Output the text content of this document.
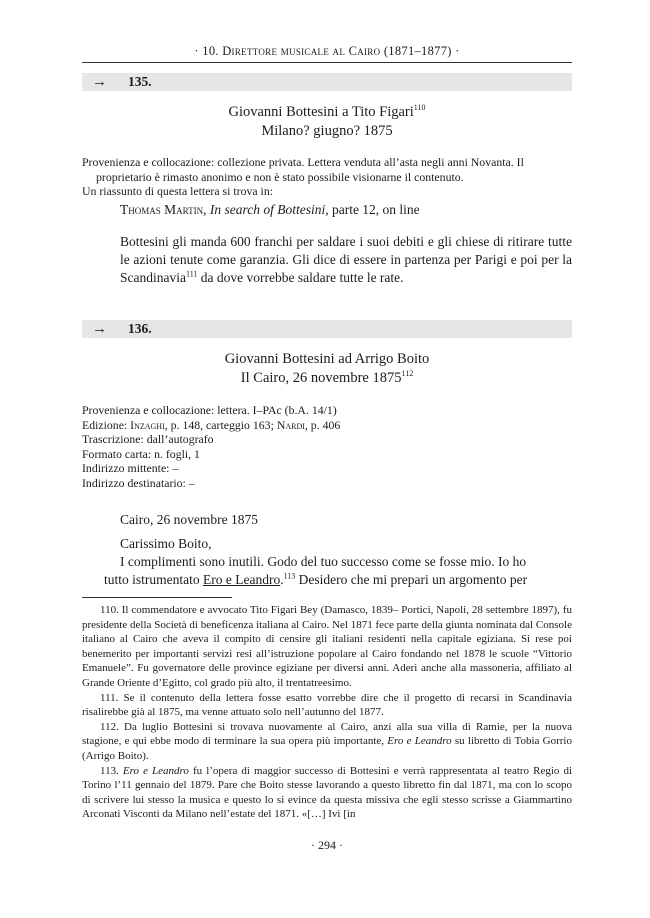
· 10. Direttore musicale al Cairo (1871–1877) ·
→	135.
Giovanni Bottesini a Tito Figari$^{110}$
Milano? giugno? 1875
Provenienza e collocazione: collezione privata. Lettera venduta all’asta negli anni Novanta. Il proprietario è rimasto anonimo e non è stato possibile visionarne il contenuto.
Un riassunto di questa lettera si trova in:
Thomas Martin, In search of Bottesini, parte 12, on line
Bottesini gli manda 600 franchi per saldare i suoi debiti e gli chiese di ritirare tutte le azioni tenute come garanzia. Gli dice di essere in partenza per Parigi e poi per la Scandinavia$^{111}$ da dove vorrebbe saldare tutte le rate.
→	136.
Giovanni Bottesini ad Arrigo Boito
Il Cairo, 26 novembre 1875$^{112}$
Provenienza e collocazione: lettera. I–PAc (b.A. 14/1)
Edizione: Inzaghi, p. 148, carteggio 163; Nardi, p. 406
Trascrizione: dall’autografo
Formato carta: n. fogli, 1
Indirizzo mittente: –
Indirizzo destinatario: –
Cairo, 26 novembre 1875
Carissimo Boito,
I complimenti sono inutili. Godo del tuo successo come se fosse mio. Io ho
tutto istrumentato Ero e Leandro.$^{113}$ Desidero che mi prepari un argomento per

110. Il commendatore e avvocato Tito Figari Bey (Damasco, 1839– Portici, Napoli, 28 settembre 1897), fu presidente della Società di beneficenza italiana al Cairo. Nel 1871 fece parte della giunta nominata dal Console italiano al Cairo che aveva il compito di censire gli italiani residenti nella capitale egiziana. Si rese poi benemerito per importanti servizi resi all’istruzione popolare al Cairo fondando nel 1878 le scuole “Vittorio Emanuele”. Fu governatore delle province egiziane per diversi anni. Aderì anche alla massoneria, affiliato al Grande Oriente d’Egitto, col grado più alto, il trentatreesimo.

111. Se il contenuto della lettera fosse esatto vorrebbe dire che il progetto di recarsi in Scandinavia risalirebbe già al 1875, ma venne attuato solo nell’autunno del 1877.

112. Da luglio Bottesini si trovava nuovamente al Cairo, anzi alla sua villa di Ramie, per la nuova stagione, e qui ebbe modo di terminare la sua opera più importante, Ero e Leandro su libretto di Tobia Gorrio (Arrigo Boito).

113. Ero e Leandro fu l’opera di maggior successo di Bottesini e verrà rappresentata al teatro Regio di Torino l’11 gennaio del 1879. Pare che Boito stesse lavorando a questo libretto fin dal 1871, ma con lo scopo di scrivere lui stesso la musica e questo lo si evince da questa missiva che egli stesso scrisse a Giammartino Arconati Visconti da Milano nell’estate del 1871. «[…] Ivi [in

· 294 ·
